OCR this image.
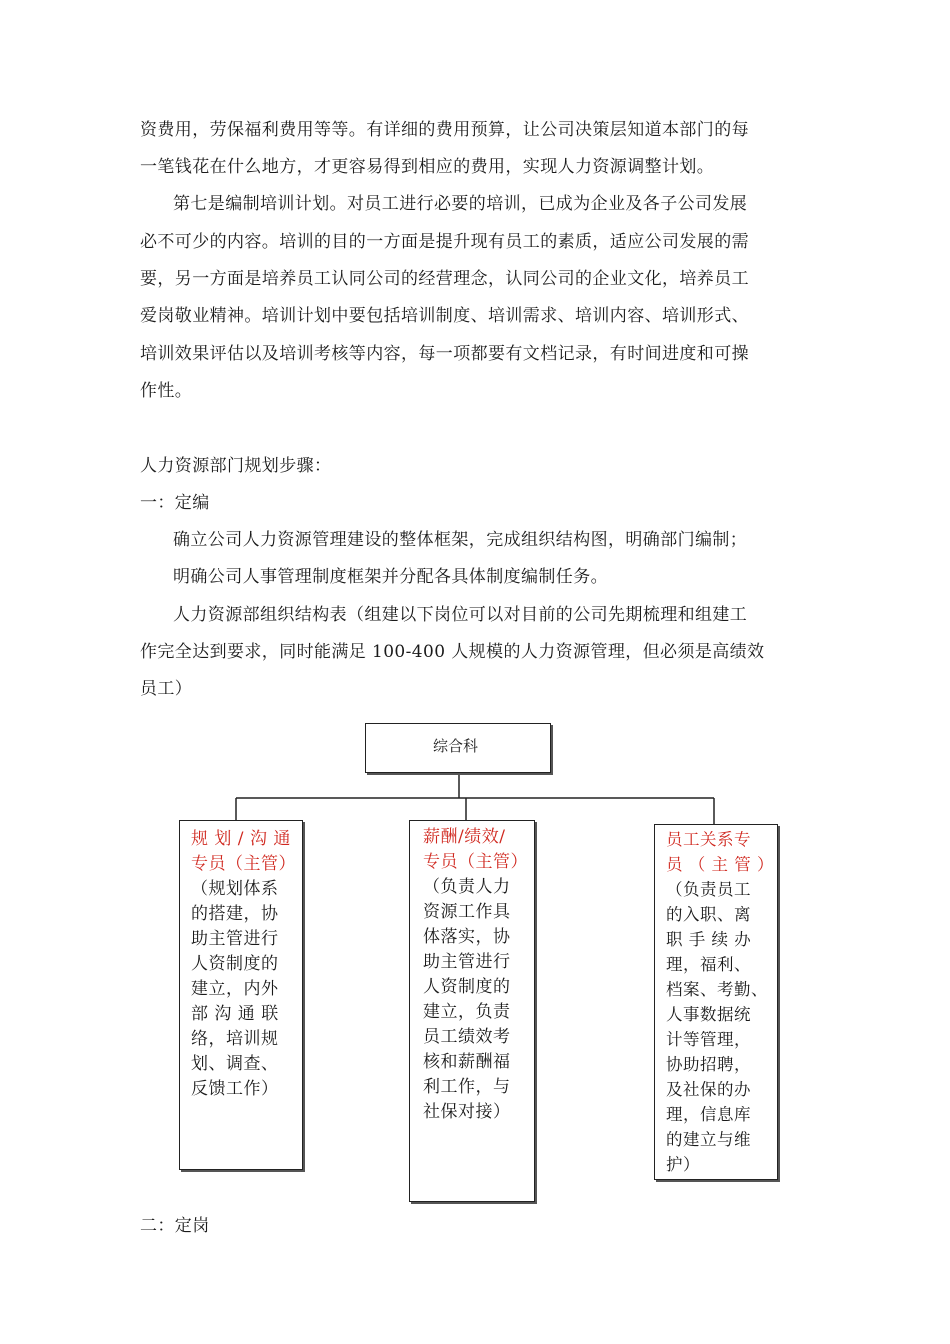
资费用，劳保福利费用等等。有详细的费用预算，让公司决策层知道本部门的每
一笔钱花在什么地方，才更容易得到相应的费用，实现人力资源调整计划。
第七是编制培训计划。对员工进行必要的培训，已成为企业及各子公司发展
必不可少的内容。培训的目的一方面是提升现有员工的素质，适应公司发展的需
要，另一方面是培养员工认同公司的经营理念，认同公司的企业文化，培养员工
爱岗敬业精神。培训计划中要包括培训制度、培训需求、培训内容、培训形式、
培训效果评估以及培训考核等内容，每一项都要有文档记录，有时间进度和可操
作性。
人力资源部门规划步骤：
一：定编
确立公司人力资源管理建设的整体框架，完成组织结构图，明确部门编制；
明确公司人事管理制度框架并分配各具体制度编制任务。
人力资源部组织结构表（组建以下岗位可以对目前的公司先期梳理和组建工
作完全达到要求，同时能满足 100-400 人规模的人力资源管理，但必须是高绩效
员工）
综合科
规 划 / 沟 通
专员（主管）
（规划体系
的搭建，协
助主管进行
人资制度的
建立，内外
部 沟 通 联
络，培训规
划、调查、
反馈工作）
薪酬/绩效/
专员（主管）
（负责人力
资源工作具
体落实，协
助主管进行
人资制度的
建立，负责
员工绩效考
核和薪酬福
利工作，与
社保对接）
员工关系专
员 （ 主 管 ）
（负责员工
的入职、离
职 手 续 办
理，福利、
档案、考勤、
人事数据统
计等管理，
协助招聘，
及社保的办
理，信息库
的建立与维
护）
二：定岗
